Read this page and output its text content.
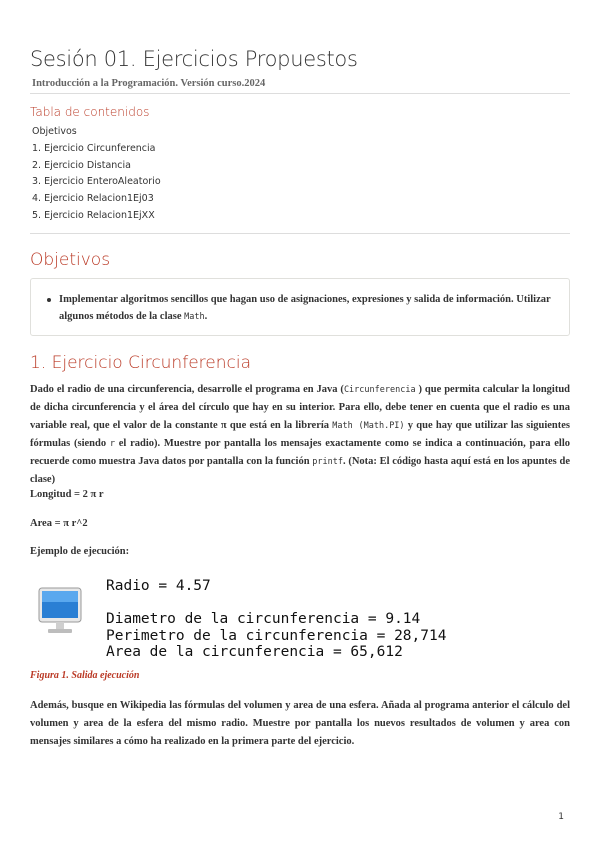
Sesión 01. Ejercicios Propuestos
Introducción a la Programación. Versión curso.2024
Tabla de contenidos
Objetivos
1. Ejercicio Circunferencia
2. Ejercicio Distancia
3. Ejercicio EnteroAleatorio
4. Ejercicio Relacion1Ej03
5. Ejercicio Relacion1EjXX
Objetivos
Implementar algoritmos sencillos que hagan uso de asignaciones, expresiones y salida de información. Utilizar algunos métodos de la clase Math.
1. Ejercicio Circunferencia

Dado el radio de una circunferencia, desarrolle el programa en Java (Circunferencia ) que permita calcular la longitud de dicha circunferencia y el área del círculo que hay en su interior. Para ello, debe tener en cuenta que el radio es una variable real, que el valor de la constante π que está en la librería Math (Math.PI) y que hay que utilizar las siguientes fórmulas (siendo r el radio). Muestre por pantalla los mensajes exactamente como se indica a continuación, para ello recuerde como muestra Java datos por pantalla con la función printf. (Nota: El código hasta aquí está en los apuntes de clase)

Longitud = 2 π r
Area = π r^2
Ejemplo de ejecución:
Radio = 4.57

Diametro de la circunferencia = 9.14
Perimetro de la circunferencia = 28,714
Area de la circunferencia = 65,612
Figura 1. Salida ejecución

Además, busque en Wikipedia las fórmulas del volumen y area de una esfera. Añada al programa anterior el cálculo del volumen y area de la esfera del mismo radio. Muestre por pantalla los nuevos resultados de volumen y area con mensajes similares a cómo ha realizado en la primera parte del ejercicio.

1
